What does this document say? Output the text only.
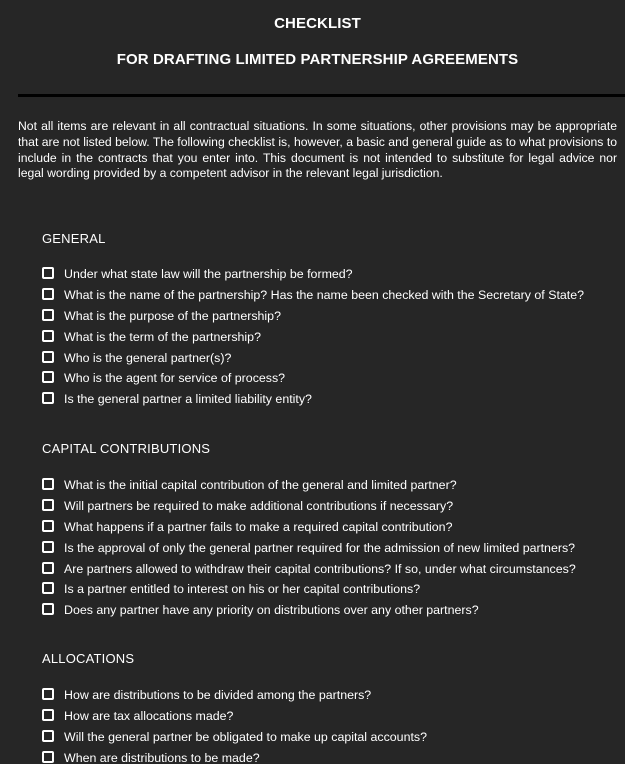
CHECKLIST
FOR DRAFTING LIMITED PARTNERSHIP AGREEMENTS
Not all items are relevant in all contractual situations. In some situations, other provisions may be appropriate that are not listed below. The following checklist is, however, a basic and general guide as to what provisions to include in the contracts that you enter into. This document is not intended to substitute for legal advice nor legal wording provided by a competent advisor in the relevant legal jurisdiction.
GENERAL
Under what state law will the partnership be formed?
What is the name of the partnership? Has the name been checked with the Secretary of State?
What is the purpose of the partnership?
What is the term of the partnership?
Who is the general partner(s)?
Who is the agent for service of process?
Is the general partner a limited liability entity?
CAPITAL CONTRIBUTIONS
What is the initial capital contribution of the general and limited partner?
Will partners be required to make additional contributions if necessary?
What happens if a partner fails to make a required capital contribution?
Is the approval of only the general partner required for the admission of new limited partners?
Are partners allowed to withdraw their capital contributions? If so, under what circumstances?
Is a partner entitled to interest on his or her capital contributions?
Does any partner have any priority on distributions over any other partners?
ALLOCATIONS
How are distributions to be divided among the partners?
How are tax allocations made?
Will the general partner be obligated to make up capital accounts?
When are distributions to be made?
